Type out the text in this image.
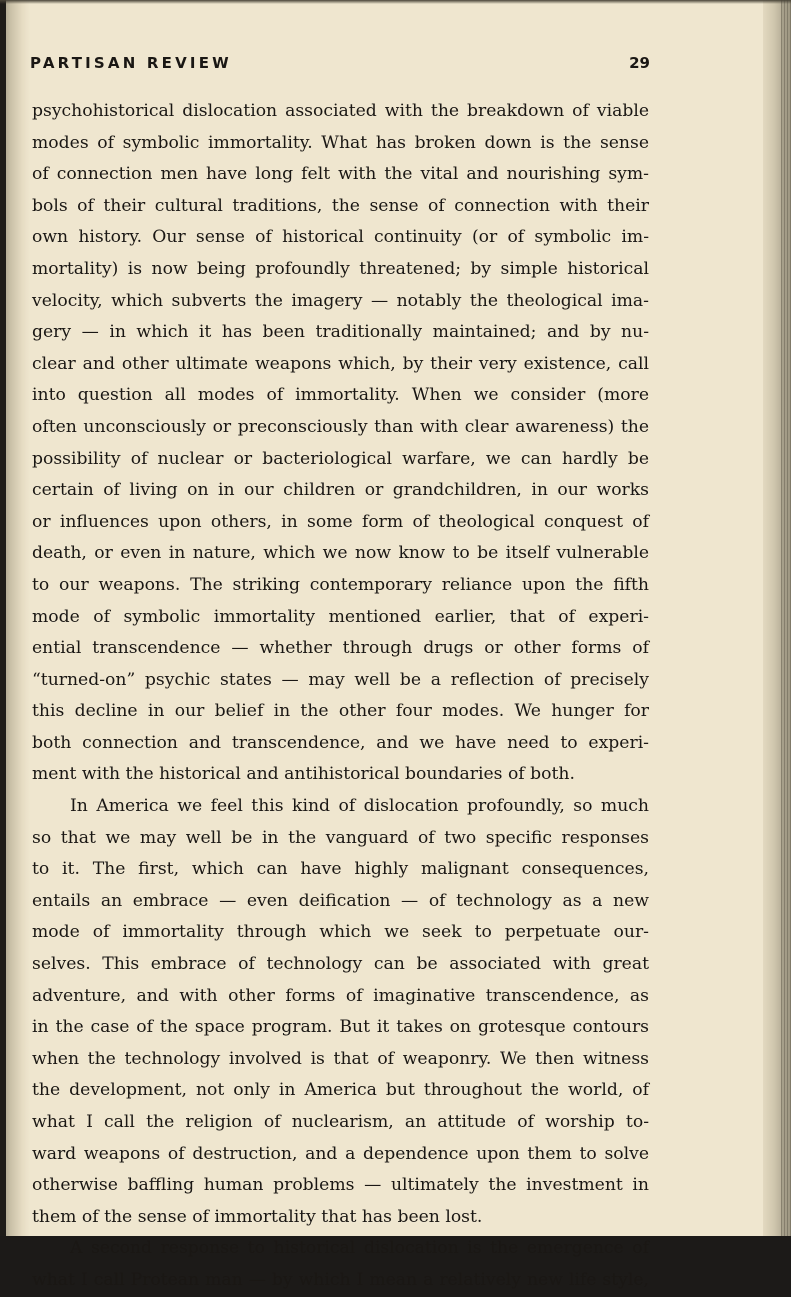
PARTISAN REVIEW	29
psychohistorical dislocation associated with the breakdown of viable
modes of symbolic immortality. What has broken down is the sense
of connection men have long felt with the vital and nourishing sym-
bols of their cultural traditions, the sense of connection with their
own history. Our sense of historical continuity (or of symbolic im-
mortality) is now being profoundly threatened; by simple historical
velocity, which subverts the imagery — notably the theological ima-
gery — in which it has been traditionally maintained; and by nu-
clear and other ultimate weapons which, by their very existence, call
into question all modes of immortality. When we consider (more
often unconsciously or preconsciously than with clear awareness) the
possibility of nuclear or bacteriological warfare, we can hardly be
certain of living on in our children or grandchildren, in our works
or influences upon others, in some form of theological conquest of
death, or even in nature, which we now know to be itself vulnerable
to our weapons. The striking contemporary reliance upon the fifth
mode of symbolic immortality mentioned earlier, that of experi-
ential transcendence — whether through drugs or other forms of
“turned-on” psychic states — may well be a reflection of precisely
this decline in our belief in the other four modes. We hunger for
both connection and transcendence, and we have need to experi-
ment with the historical and antihistorical boundaries of both.
In America we feel this kind of dislocation profoundly, so much
so that we may well be in the vanguard of two specific responses
to it. The first, which can have highly malignant consequences,
entails an embrace — even deification — of technology as a new
mode of immortality through which we seek to perpetuate our-
selves. This embrace of technology can be associated with great
adventure, and with other forms of imaginative transcendence, as
in the case of the space program. But it takes on grotesque contours
when the technology involved is that of weaponry. We then witness
the development, not only in America but throughout the world, of
what I call the religion of nuclearism, an attitude of worship to-
ward weapons of destruction, and a dependence upon them to solve
otherwise baffling human problems — ultimately the investment in
them of the sense of immortality that has been lost.
A second response to historical dislocation is the emergence of
what I call Protean man — by which I mean a relatively new life style,
